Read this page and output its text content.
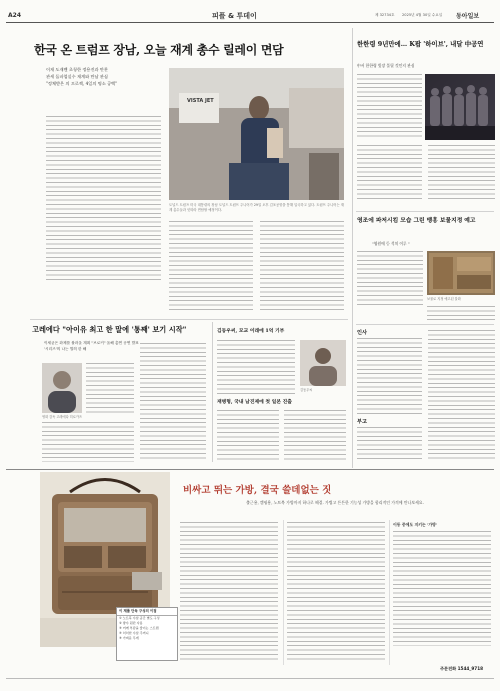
A24	피플 & 투데이	제 32734호 2025년 4월 30일 수요일 동아일보
한국 온 트럼프 장남, 오늘 재계 총수 릴레이 면담
이재 도재벤 초청한 정용진과 만찬
관세 돌파업실수 재계와 만남 관심
"정체받은 의 프로젝, 4일의 명소 공백"
VISTA JET
도널드 트럼프 미국 대통령의 장남 도널드 트럼프 주니어가 29일 오후 김포공항을 통해 입국하고 있다. 트럼프 주니어는 재계 총수들과 잇따라 면담할 예정이다.
한한령 9년만에… K팝 '하이브', 내달 中공연
中서 한한령 빗장 풀릴 것인지 관심
영조에 파저시킴 모습 그린 뱅홍 보물지정 예고
"영원에 등 석치 이루 "
보물로 지정 예고된 불화
인사
부고
고레에다 "아이유 최고 한 말에 '통째' 보기 시작"
이세균은 화제를 불러올 계획 "브로커" 올해 총연 공연 발표
'시리즈'의 나는 열의 한 해
영화 감독 고레에다 히로카즈
김동우씨, 모교 이래에 1억 기부
김동우씨
재병형, 국내 남진제에 첫 일본 진출
비싸고 뛰는 가방, 결국 쓸데없는 짓
출근용, 캠핑용, 노트북 가방까지 하나로 해결. 가볍고 튼튼한 기능성 가방을 합리적인 가격에 만나보세요.
이 제품 단독 구성의 이점
① 노트북 수납 공간 별도 구성
② 방수 원단 사용
③ 어깨 부담을 줄이는 스트랩
④ 넉넉한 수납 주머니
⑤ 가벼운 무게
이동 중에도 지키는 '가방'
주문전화 1544_9718
